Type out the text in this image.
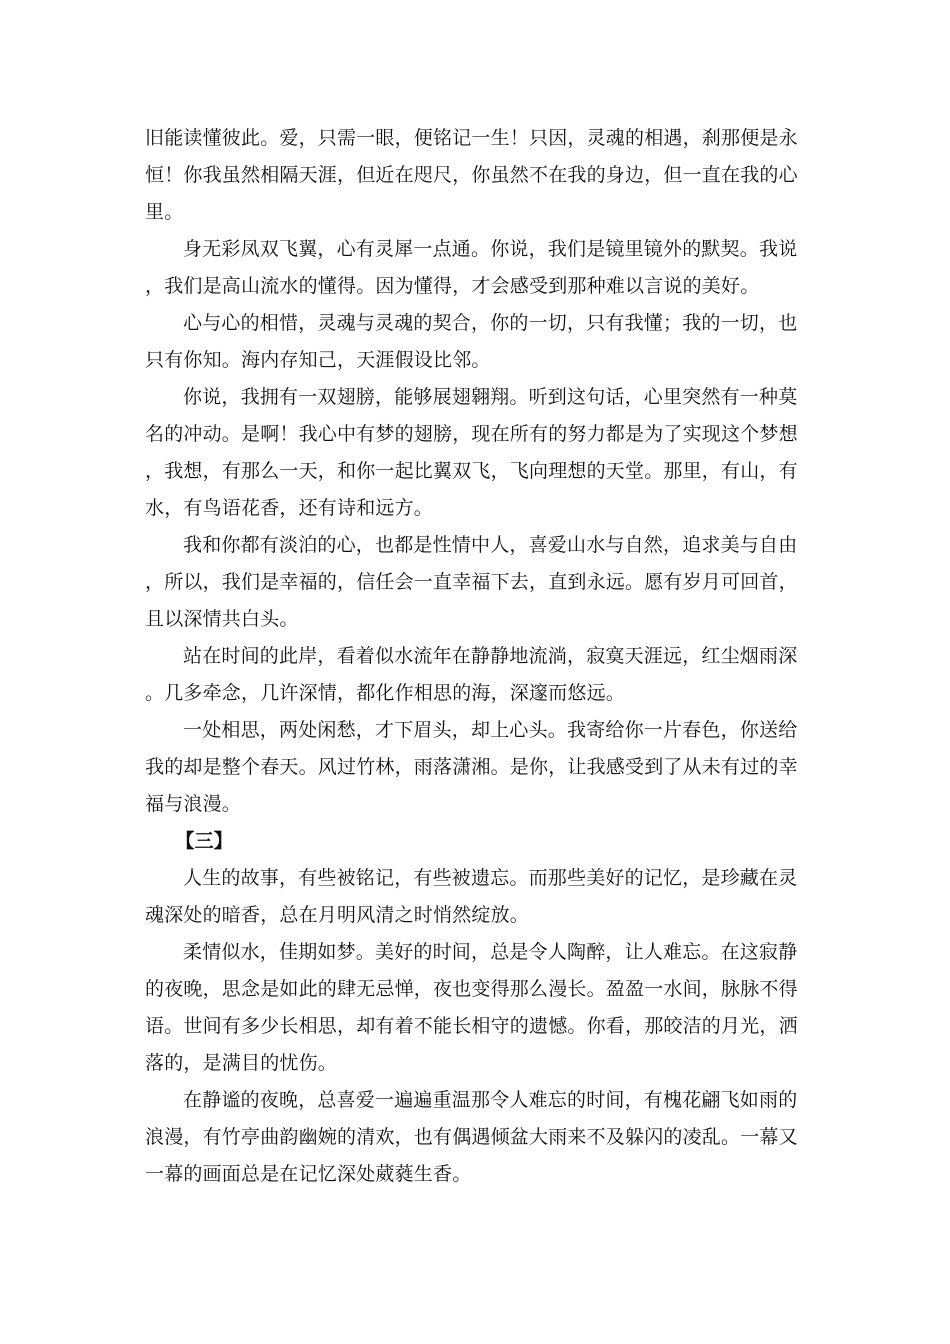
旧能读懂彼此。爱，只需一眼，便铭记一生！只因，灵魂的相遇，刹那便是永恒！你我虽然相隔天涯，但近在咫尺，你虽然不在我的身边，但一直在我的心里。

身无彩凤双飞翼，心有灵犀一点通。你说，我们是镜里镜外的默契。我说，我们是高山流水的懂得。因为懂得，才会感受到那种难以言说的美好。

心与心的相惜，灵魂与灵魂的契合，你的一切，只有我懂；我的一切，也只有你知。海内存知己，天涯假设比邻。

你说，我拥有一双翅膀，能够展翅翱翔。听到这句话，心里突然有一种莫名的冲动。是啊！我心中有梦的翅膀，现在所有的努力都是为了实现这个梦想，我想，有那么一天，和你一起比翼双飞，飞向理想的天堂。那里，有山，有水，有鸟语花香，还有诗和远方。

我和你都有淡泊的心，也都是性情中人，喜爱山水与自然，追求美与自由，所以，我们是幸福的，信任会一直幸福下去，直到永远。愿有岁月可回首，且以深情共白头。

站在时间的此岸，看着似水流年在静静地流淌，寂寞天涯远，红尘烟雨深。几多牵念，几许深情，都化作相思的海，深邃而悠远。

一处相思，两处闲愁，才下眉头，却上心头。我寄给你一片春色，你送给我的却是整个春天。风过竹林，雨落潇湘。是你，让我感受到了从未有过的幸福与浪漫。

【三】

人生的故事，有些被铭记，有些被遗忘。而那些美好的记忆，是珍藏在灵魂深处的暗香，总在月明风清之时悄然绽放。

柔情似水，佳期如梦。美好的时间，总是令人陶醉，让人难忘。在这寂静的夜晚，思念是如此的肆无忌惮，夜也变得那么漫长。盈盈一水间，脉脉不得语。世间有多少长相思，却有着不能长相守的遗憾。你看，那皎洁的月光，洒落的，是满目的忧伤。

在静谧的夜晚，总喜爱一遍遍重温那令人难忘的时间，有槐花翩飞如雨的浪漫，有竹亭曲韵幽婉的清欢，也有偶遇倾盆大雨来不及躲闪的凌乱。一幕又一幕的画面总是在记忆深处葳蕤生香。
